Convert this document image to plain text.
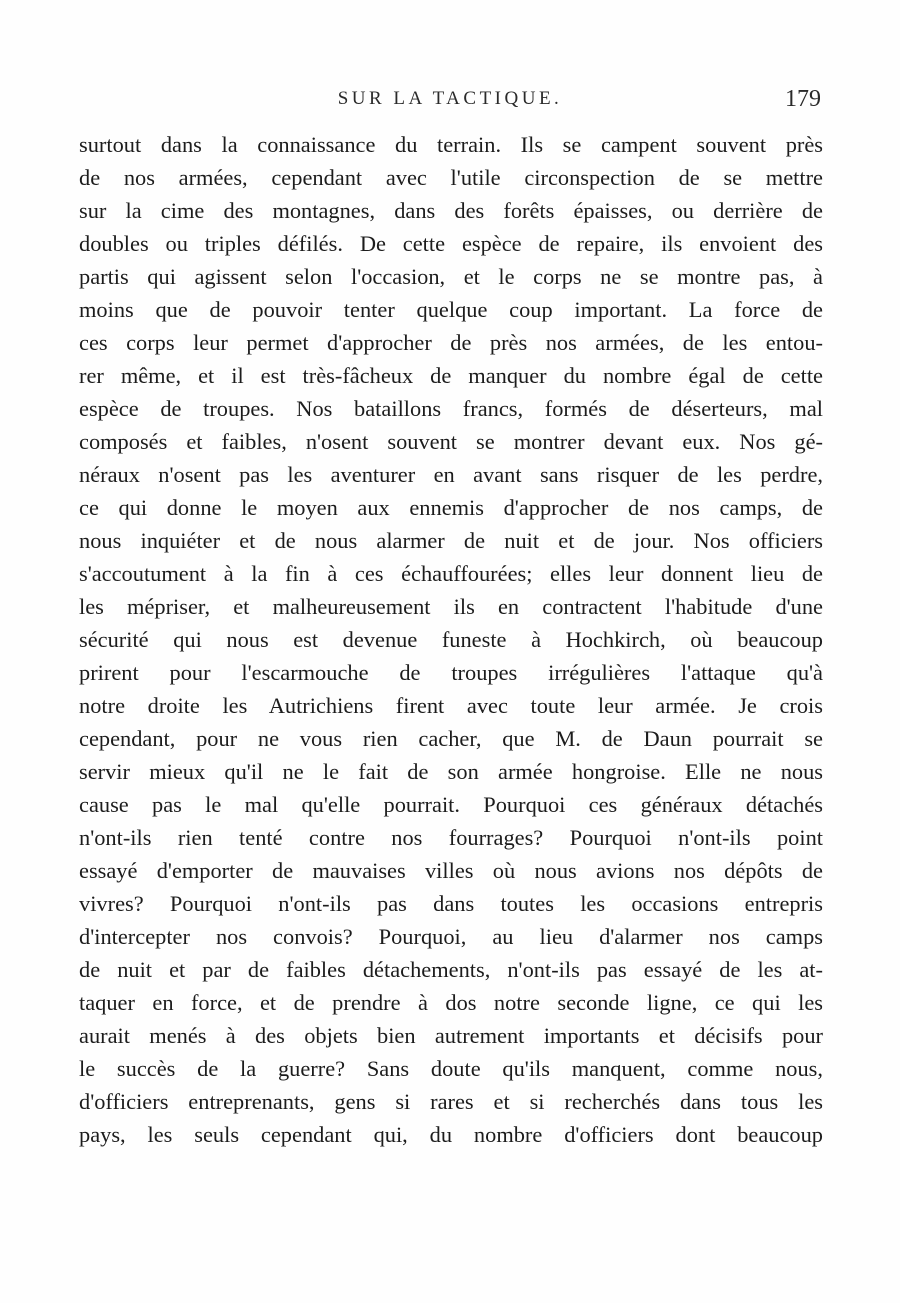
SUR LA TACTIQUE.	179
surtout dans la connaissance du terrain. Ils se campent souvent près
de nos armées, cependant avec l'utile circonspection de se mettre
sur la cime des montagnes, dans des forêts épaisses, ou derrière de
doubles ou triples défilés. De cette espèce de repaire, ils envoient des
partis qui agissent selon l'occasion, et le corps ne se montre pas, à
moins que de pouvoir tenter quelque coup important. La force de
ces corps leur permet d'approcher de près nos armées, de les entou-
rer même, et il est très-fâcheux de manquer du nombre égal de cette
espèce de troupes. Nos bataillons francs, formés de déserteurs, mal
composés et faibles, n'osent souvent se montrer devant eux. Nos gé-
néraux n'osent pas les aventurer en avant sans risquer de les perdre,
ce qui donne le moyen aux ennemis d'approcher de nos camps, de
nous inquiéter et de nous alarmer de nuit et de jour. Nos officiers
s'accoutument à la fin à ces échauffourées; elles leur donnent lieu de
les mépriser, et malheureusement ils en contractent l'habitude d'une
sécurité qui nous est devenue funeste à Hochkirch, où beaucoup
prirent pour l'escarmouche de troupes irrégulières l'attaque qu'à
notre droite les Autrichiens firent avec toute leur armée. Je crois
cependant, pour ne vous rien cacher, que M. de Daun pourrait se
servir mieux qu'il ne le fait de son armée hongroise. Elle ne nous
cause pas le mal qu'elle pourrait. Pourquoi ces généraux détachés
n'ont-ils rien tenté contre nos fourrages? Pourquoi n'ont-ils point
essayé d'emporter de mauvaises villes où nous avions nos dépôts de
vivres? Pourquoi n'ont-ils pas dans toutes les occasions entrepris
d'intercepter nos convois? Pourquoi, au lieu d'alarmer nos camps
de nuit et par de faibles détachements, n'ont-ils pas essayé de les at-
taquer en force, et de prendre à dos notre seconde ligne, ce qui les
aurait menés à des objets bien autrement importants et décisifs pour
le succès de la guerre? Sans doute qu'ils manquent, comme nous,
d'officiers entreprenants, gens si rares et si recherchés dans tous les
pays, les seuls cependant qui, du nombre d'officiers dont beaucoup
